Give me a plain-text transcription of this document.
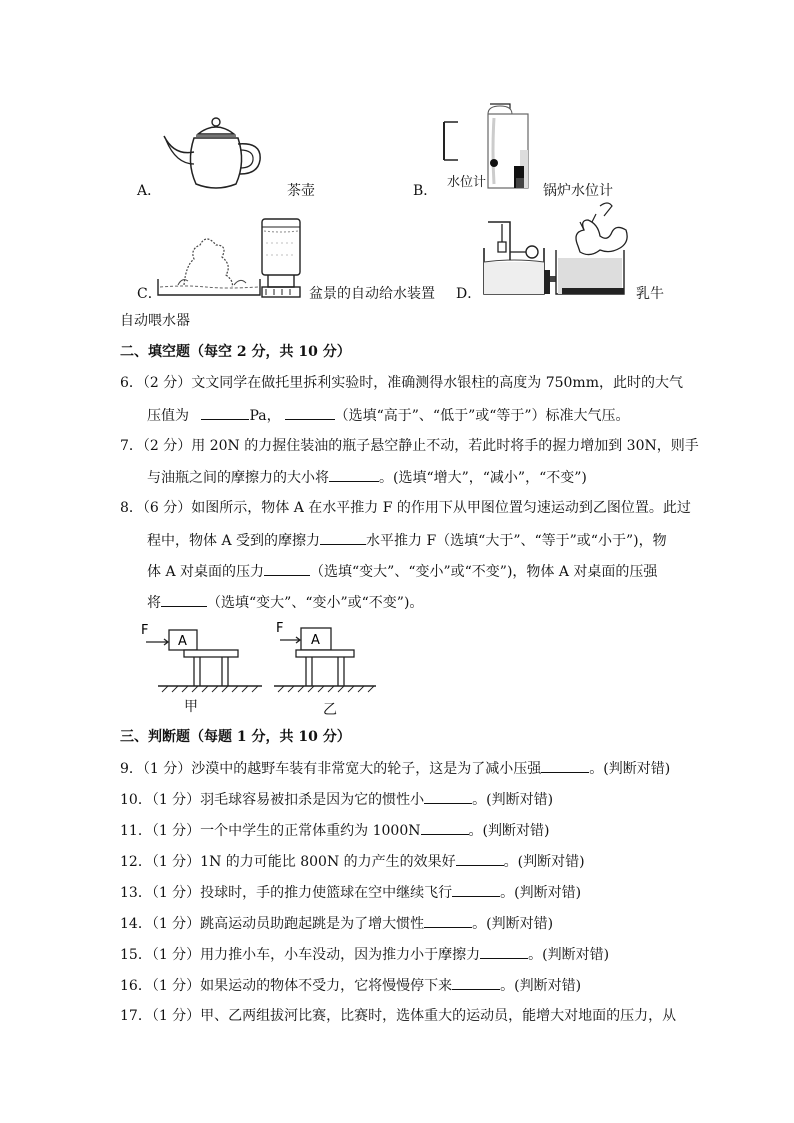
A．	茶壶
水位计
B．	锅炉水位计
C．	盆景的自动给水装置 D．	乳牛
自动喂水器
二、填空题（每空 2 分，共 10 分）
6．（2 分）文文同学在做托里拆利实验时，准确测得水银柱的高度为 750mm，此时的大气
压值为	Pa，	（选填“高于”、“低于”或“等于”）标准大气压。
7．（2 分）用 20N 的力握住装油的瓶子悬空静止不动，若此时将手的握力增加到 30N，则手
与油瓶之间的摩擦力的大小将	。(选填“增大”，“减小”，“不变”)
8．（6 分）如图所示，物体 A 在水平推力 F 的作用下从甲图位置匀速运动到乙图位置。此过
程中，物体 A 受到的摩擦力	水平推力 F（选填“大于”、“等于”或“小于”)，物
体 A 对桌面的压力	（选填“变大”、“变小”或“不变”)，物体 A 对桌面的压强
将	（选填“变大”、“变小”或“不变”)。
F
A
甲
F
A
乙
三、判断题（每题 1 分，共 10 分）
9．（1 分）沙漠中的越野车装有非常宽大的轮子，这是为了减小压强	。(判断对错)
10．（1 分）羽毛球容易被扣杀是因为它的惯性小	。(判断对错)
11．（1 分）一个中学生的正常体重约为 1000N	。(判断对错)
12．（1 分）1N 的力可能比 800N 的力产生的效果好	。(判断对错)
13．（1 分）投球时，手的推力使篮球在空中继续飞行	。(判断对错)
14．（1 分）跳高运动员助跑起跳是为了增大惯性	。(判断对错)
15．（1 分）用力推小车，小车没动，因为推力小于摩擦力	。(判断对错)
16．（1 分）如果运动的物体不受力，它将慢慢停下来	。(判断对错)
17．（1 分）甲、乙两组拔河比赛，比赛时，选体重大的运动员，能增大对地面的压力，从
